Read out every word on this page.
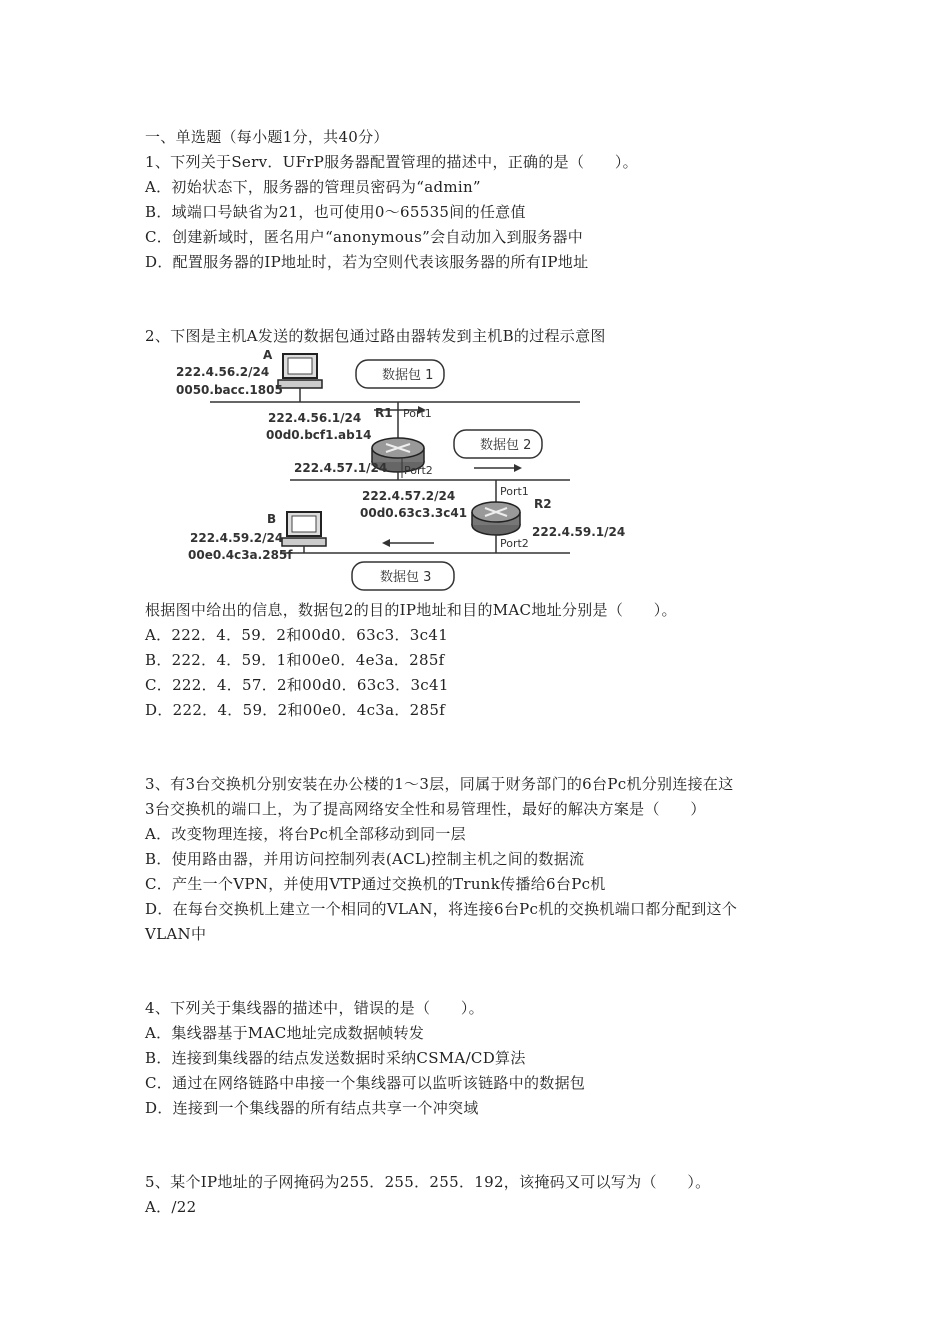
一、单选题（每小题1分，共40分）
1、下列关于Serv．UFrP服务器配置管理的描述中，正确的是（　　）。
A．初始状态下，服务器的管理员密码为“admin”
B．域端口号缺省为21，也可使用0～65535间的任意值
C．创建新域时，匿名用户“anonymous”会自动加入到服务器中
D．配置服务器的IP地址时，若为空则代表该服务器的所有IP地址
2、下图是主机A发送的数据包通过路由器转发到主机B的过程示意图
A
222.4.56.2/24
0050.bacc.1805
数据包 1
R1 Port1
222.4.56.1/24
00d0.bcf1.ab14
222.4.57.1/24 Port2
数据包 2
Port1
R2
222.4.57.2/24
00d0.63c3.3c41
Port2
222.4.59.1/24
B
222.4.59.2/24
00e0.4c3a.285f
数据包 3
根据图中给出的信息，数据包2的目的IP地址和目的MAC地址分别是（　　）。
A．222．4．59．2和00d0．63c3．3c41
B．222．4．59．1和00e0．4e3a．285f
C．222．4．57．2和00d0．63c3．3c41
D．222．4．59．2和00e0．4c3a．285f
3、有3台交换机分别安装在办公楼的1～3层，同属于财务部门的6台Pc机分别连接在这
3台交换机的端口上，为了提高网络安全性和易管理性，最好的解决方案是（　　）
A．改变物理连接，将台Pc机全部移动到同一层
B．使用路由器，并用访问控制列表(ACL)控制主机之间的数据流
C．产生一个VPN，并使用VTP通过交换机的Trunk传播给6台Pc机
D．在每台交换机上建立一个相同的VLAN，将连接6台Pc机的交换机端口都分配到这个
VLAN中
4、下列关于集线器的描述中，错误的是（　　）。
A．集线器基于MAC地址完成数据帧转发
B．连接到集线器的结点发送数据时采纳CSMA/CD算法
C．通过在网络链路中串接一个集线器可以监听该链路中的数据包
D．连接到一个集线器的所有结点共享一个冲突域
5、某个IP地址的子网掩码为255．255．255．192，该掩码又可以写为（　　）。
A．/22
